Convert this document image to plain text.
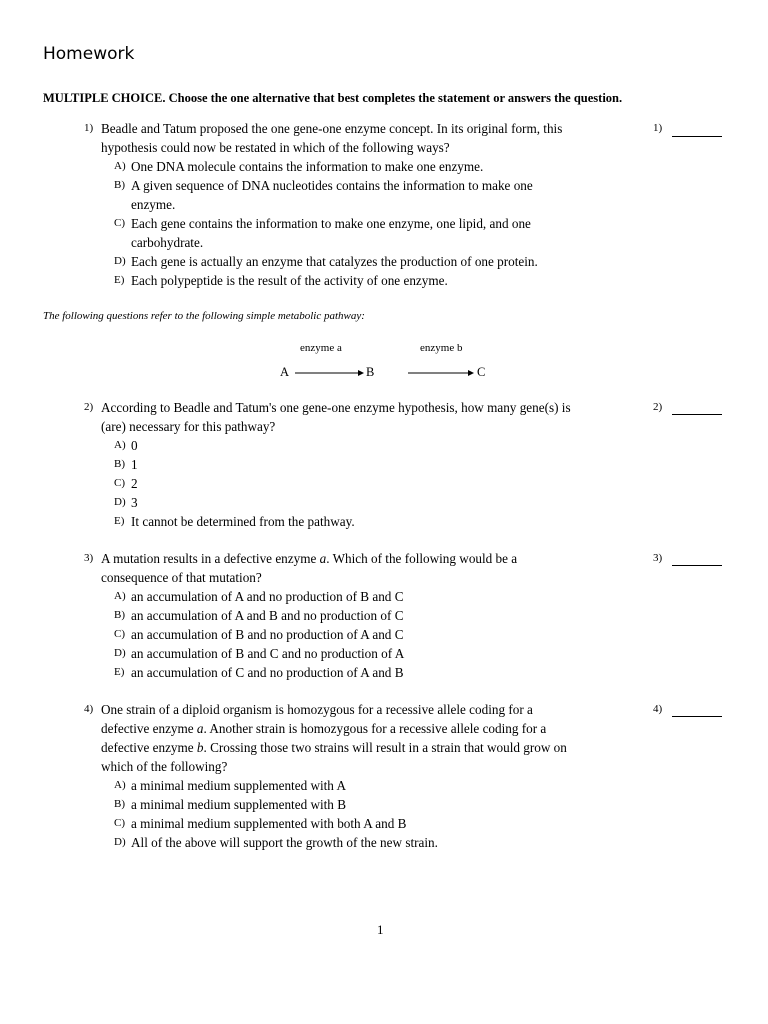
Homework
MULTIPLE CHOICE. Choose the one alternative that best completes the statement or answers the question.
1) Beadle and Tatum proposed the one gene-one enzyme concept. In its original form, this
hypothesis could now be restated in which of the following ways?
A) One DNA molecule contains the information to make one enzyme.
B) A given sequence of DNA nucleotides contains the information to make one
enzyme.
C) Each gene contains the information to make one enzyme, one lipid, and one
carbohydrate.
D) Each gene is actually an enzyme that catalyzes the production of one protein.
E) Each polypeptide is the result of the activity of one enzyme.
1)
The following questions refer to the following simple metabolic pathway:
enzyme a	enzyme b
A	B	C
2) According to Beadle and Tatum's one gene-one enzyme hypothesis, how many gene(s) is
(are) necessary for this pathway?
A) 0
B) 1
C) 2
D) 3
E) It cannot be determined from the pathway.
2)
3) A mutation results in a defective enzyme a. Which of the following would be a
consequence of that mutation?
A) an accumulation of A and no production of B and C
B) an accumulation of A and B and no production of C
C) an accumulation of B and no production of A and C
D) an accumulation of B and C and no production of A
E) an accumulation of C and no production of A and B
3)
4) One strain of a diploid organism is homozygous for a recessive allele coding for a
defective enzyme a. Another strain is homozygous for a recessive allele coding for a
defective enzyme b. Crossing those two strains will result in a strain that would grow on
which of the following?
A) a minimal medium supplemented with A
B) a minimal medium supplemented with B
C) a minimal medium supplemented with both A and B
D) All of the above will support the growth of the new strain.
4)
1
